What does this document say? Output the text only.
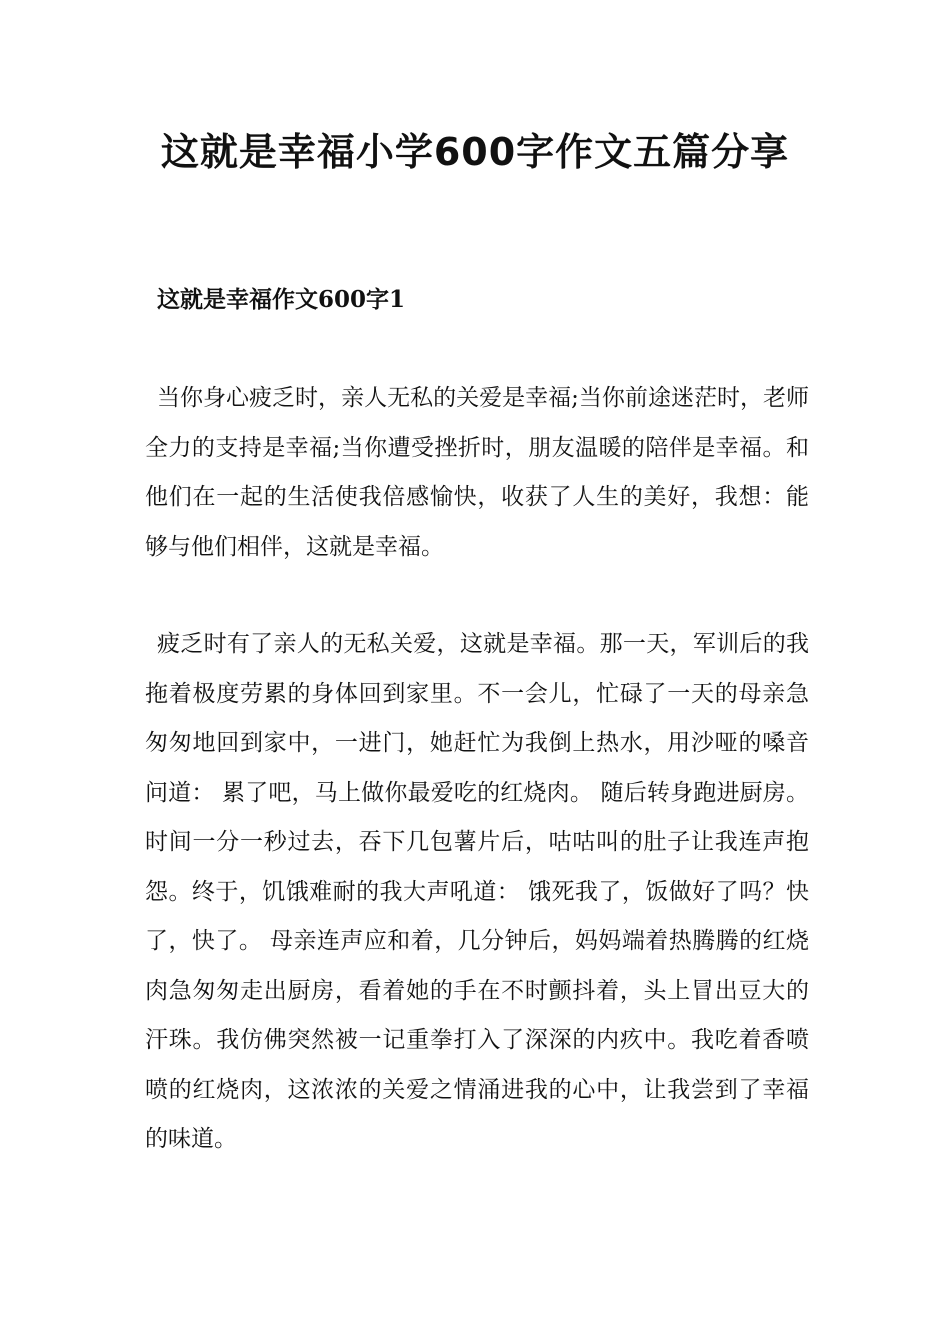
这就是幸福小学600字作文五篇分享
这就是幸福作文600字1

当你身心疲乏时，亲人无私的关爱是幸福;当你前途迷茫时，老师全力的支持是幸福;当你遭受挫折时，朋友温暖的陪伴是幸福。和他们在一起的生活使我倍感愉快，收获了人生的美好，我想：能够与他们相伴，这就是幸福。

疲乏时有了亲人的无私关爱，这就是幸福。那一天，军训后的我拖着极度劳累的身体回到家里。不一会儿，忙碌了一天的母亲急匆匆地回到家中，一进门，她赶忙为我倒上热水，用沙哑的嗓音问道： 累了吧，马上做你最爱吃的红烧肉。 随后转身跑进厨房。时间一分一秒过去，吞下几包薯片后，咕咕叫的肚子让我连声抱怨。终于，饥饿难耐的我大声吼道： 饿死我了，饭做好了吗？快了，快了。 母亲连声应和着，几分钟后，妈妈端着热腾腾的红烧肉急匆匆走出厨房，看着她的手在不时颤抖着，头上冒出豆大的汗珠。我仿佛突然被一记重拳打入了深深的内疚中。我吃着香喷喷的红烧肉，这浓浓的关爱之情涌进我的心中，让我尝到了幸福的味道。
